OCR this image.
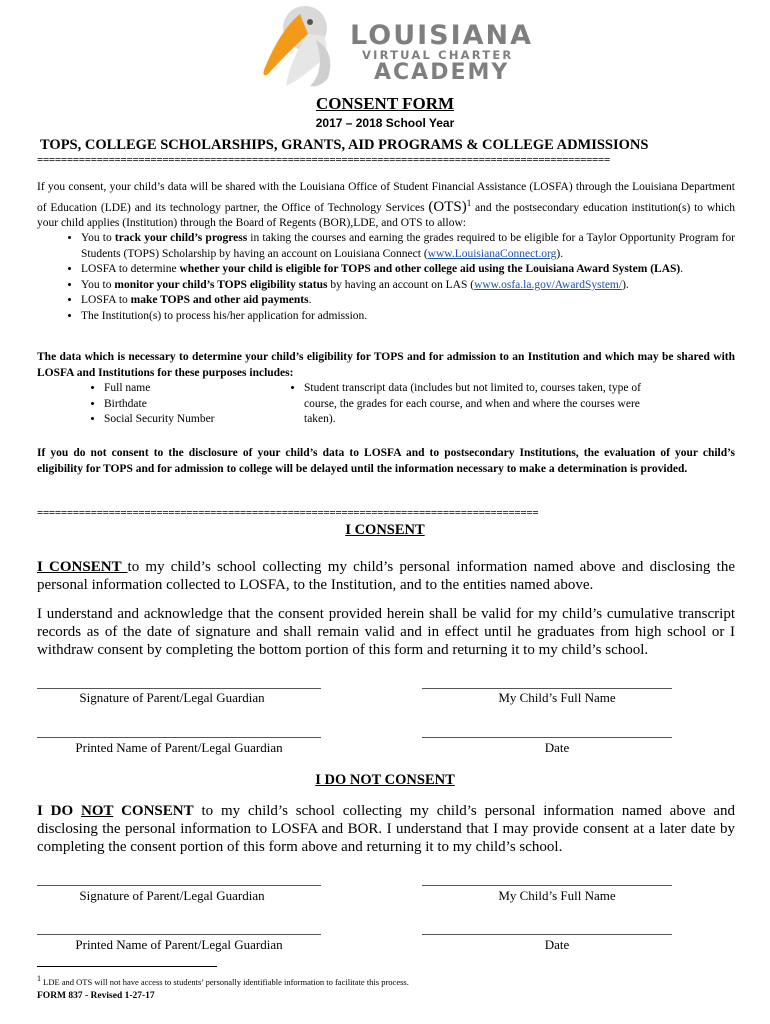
LOUISIANA
VIRTUAL CHARTER
ACADEMY
CONSENT FORM
2017 – 2018 School Year
TOPS, COLLEGE SCHOLARSHIPS, GRANTS, AID PROGRAMS & COLLEGE ADMISSIONS
================================================================================================
If you consent, your child’s data will be shared with the Louisiana Office of Student Financial Assistance (LOSFA) through the Louisiana Department of Education (LDE) and its technology partner, the Office of Technology Services (OTS)$^1$ and the postsecondary education institution(s) to which your child applies (Institution) through the Board of Regents (BOR),LDE, and OTS to allow:
• You to track your child’s progress in taking the courses and earning the grades required to be eligible for a Taylor Opportunity Program for Students (TOPS) Scholarship by having an account on Louisiana Connect (www.LouisianaConnect.org).
• LOSFA to determine whether your child is eligible for TOPS and other college aid using the Louisiana Award System (LAS).
• You to monitor your child’s TOPS eligibility status by having an account on LAS (www.osfa.la.gov/AwardSystem/).
• LOSFA to make TOPS and other aid payments.
• The Institution(s) to process his/her application for admission.
The data which is necessary to determine your child’s eligibility for TOPS and for admission to an Institution and which may be shared with LOSFA and Institutions for these purposes includes:
• Full name
• Birthdate
• Social Security Number
• Student transcript data (includes but not limited to, courses taken, type of course, the grades for each course, and when and where the courses were taken).
If you do not consent to the disclosure of your child’s data to LOSFA and to postsecondary Institutions, the evaluation of your child’s eligibility for TOPS and for admission to college will be delayed until the information necessary to make a determination is provided.
====================================================================================
I CONSENT
I CONSENT to my child’s school collecting my child’s personal information named above and disclosing the personal information collected to LOSFA, to the Institution, and to the entities named above.
I understand and acknowledge that the consent provided herein shall be valid for my child’s cumulative transcript records as of the date of signature and shall remain valid and in effect until he graduates from high school or I withdraw consent by completing the bottom portion of this form and returning it to my child’s school.
Signature of Parent/Legal Guardian	My Child’s Full Name
Printed Name of Parent/Legal Guardian	Date
I DO NOT CONSENT
I DO NOT CONSENT to my child’s school collecting my child’s personal information named above and disclosing the personal information to LOSFA and BOR. I understand that I may provide consent at a later date by completing the consent portion of this form above and returning it to my child’s school.
Signature of Parent/Legal Guardian	My Child’s Full Name
Printed Name of Parent/Legal Guardian	Date
$^1$ LDE and OTS will not have access to students’ personally identifiable information to facilitate this process.
FORM 837 - Revised 1-27-17
